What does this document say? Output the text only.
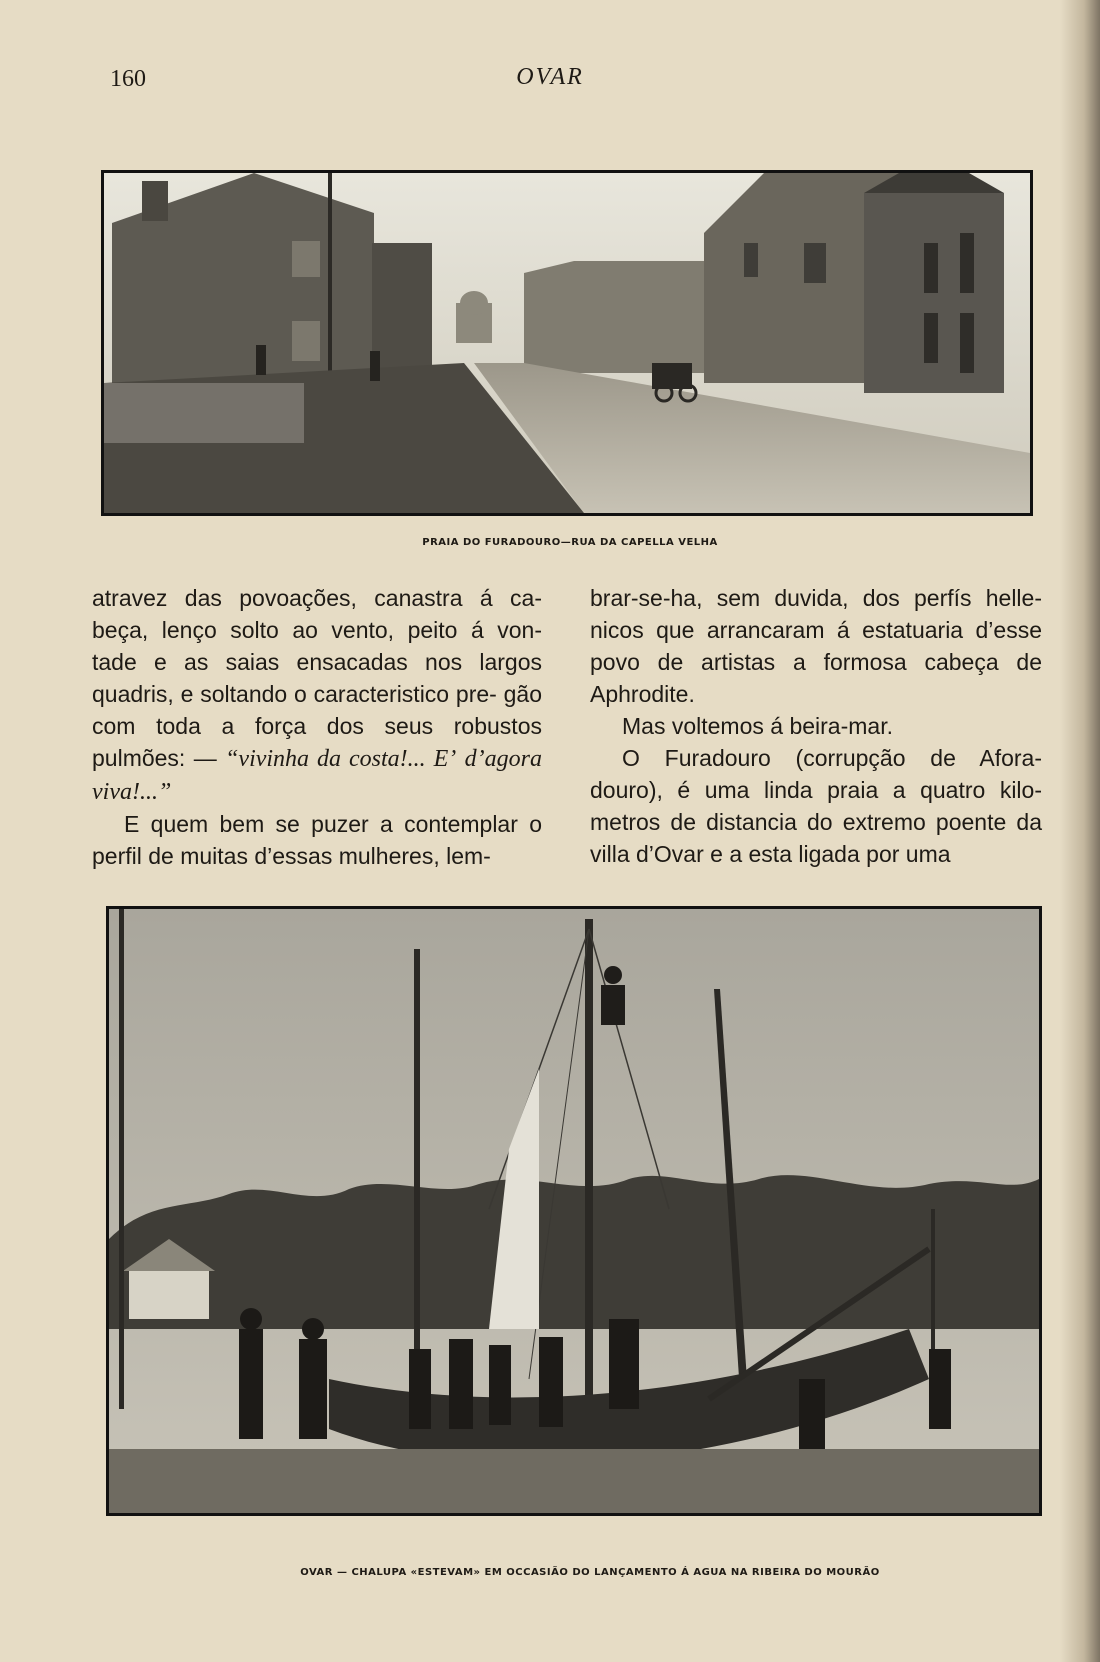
160	OVAR
PRAIA DO FURADOURO—RUA DA CAPELLA VELHA

atravez das povoações, canastra á ca- beça, lenço solto ao vento, peito á von- tade e as saias ensacadas nos largos quadris, e soltando o caracteristico pre- gão com toda a força dos seus robustos pulmões: — “vivinha da costa!... E’ d’agora viva!...”

E quem bem se puzer a contemplar o perfil de muitas d’essas mulheres, lem-

brar-se-ha, sem duvida, dos perfís helle- nicos que arrancaram á estatuaria d’esse povo de artistas a formosa cabeça de Aphrodite.

Mas voltemos á beira-mar.

O Furadouro (corrupção de Afora- douro), é uma linda praia a quatro kilo- metros de distancia do extremo poente da villa d’Ovar e a esta ligada por uma

OVAR — CHALUPA «ESTEVAM» EM OCCASIÃO DO LANÇAMENTO Á AGUA NA RIBEIRA DO MOURÃO
